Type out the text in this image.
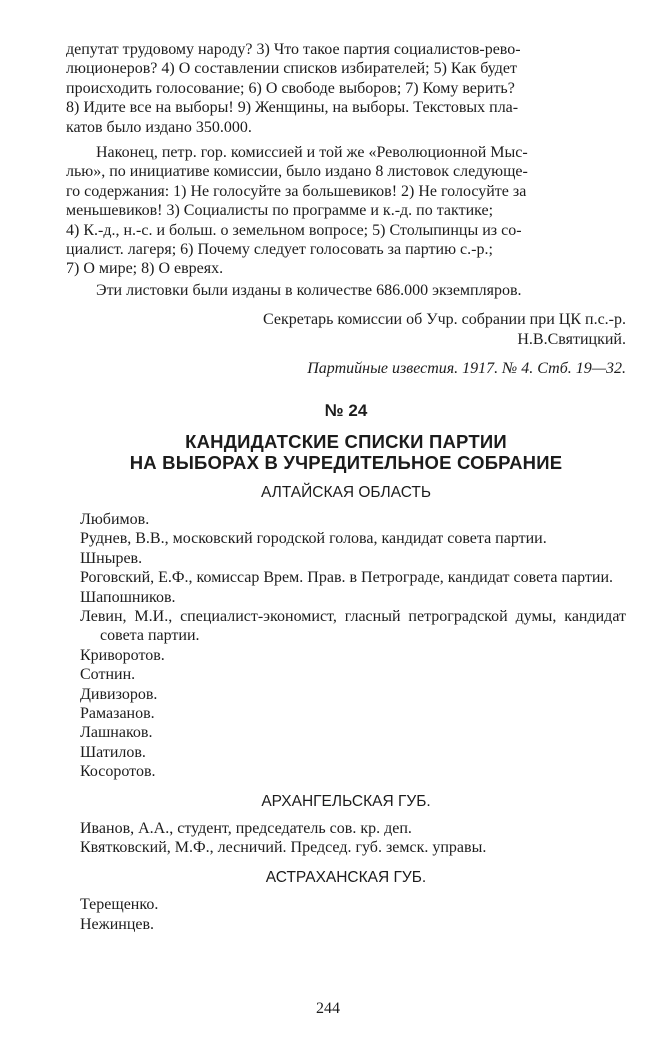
депутат трудовому народу? 3) Что такое партия социалистов-рево-

люционеров? 4) О составлении списков избирателей; 5) Как будет

происходить голосование; 6) О свободе выборов; 7) Кому верить?

8) Идите все на выборы! 9) Женщины, на выборы. Текстовых пла-

катов было издано 350.000.

Наконец, петр. гор. комиссией и той же «Революционной Мыс-

лью», по инициативе комиссии, было издано 8 листовок следующе-

го содержания: 1) Не голосуйте за большевиков! 2) Не голосуйте за

меньшевиков! 3) Социалисты по программе и к.-д. по тактике;

4) К.-д., н.-с. и больш. о земельном вопросе; 5) Столыпинцы из со-

циалист. лагеря; 6) Почему следует голосовать за партию с.-р.;

7) О мире; 8) О евреях.

Эти листовки были изданы в количестве 686.000 экземпляров.

Секретарь комиссии об Учр. собрании при ЦК п.с.-р.
Н.В.Святицкий.

Партийные известия. 1917. № 4. Стб. 19—32.

№ 24
КАНДИДАТСКИЕ СПИСКИ ПАРТИИ
НА ВЫБОРАХ В УЧРЕДИТЕЛЬНОЕ СОБРАНИЕ
АЛТАЙСКАЯ ОБЛАСТЬ

Любимов.

Руднев, В.В., московский городской голова, кандидат совета партии.

Шнырев.

Роговский, Е.Ф., комиссар Врем. Прав. в Петрограде, кандидат совета партии.

Шапошников.

Левин, М.И., специалист-экономист, гласный петроградской думы, кандидат совета партии.

Криворотов.

Сотнин.

Дивизоров.

Рамазанов.

Лашнаков.

Шатилов.

Косоротов.

АРХАНГЕЛЬСКАЯ ГУБ.

Иванов, А.А., студент, председатель сов. кр. деп.

Квятковский, М.Ф., лесничий. Председ. губ. земск. управы.

АСТРАХАНСКАЯ ГУБ.

Терещенко.

Нежинцев.

244
